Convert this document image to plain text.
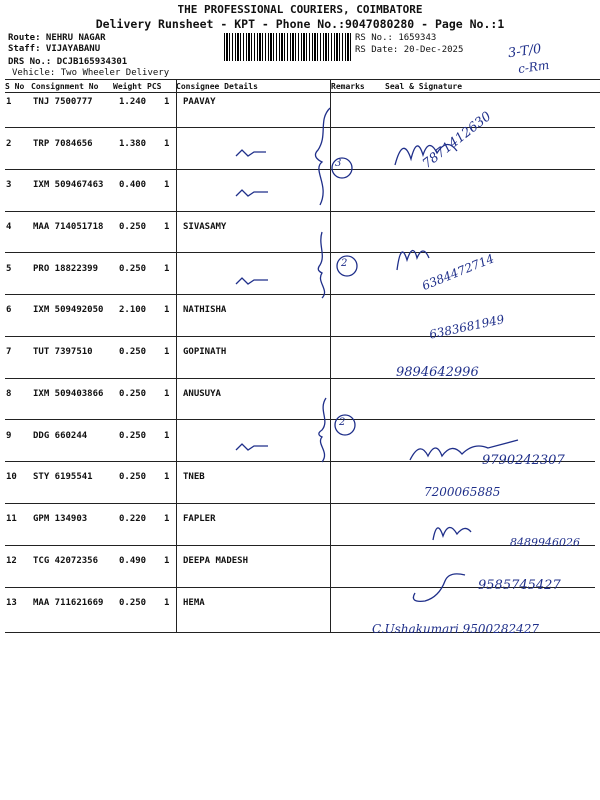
THE PROFESSIONAL COURIERS, COIMBATORE
Delivery Runsheet - KPT - Phone No.:9047080280 - Page No.:1
Route: NEHRU NAGAR
Staff: VIJAYABANU
DRS No.: DCJB165934301
Vehicle: Two Wheeler Delivery
RS No.: 1659343
RS Date: 20-Dec-2025	3-T/0
c-Rm
S No Consignment No Weight PCS Consignee Details	Remarks	Seal & Signature
1 TNJ 7500777	1.240 1 PAAVAY
2 TRP 7084656	1.380 1
3 IXM 509467463 0.400 1
4 MAA 714051718 0.250 1 SIVASAMY
5 PRO 18822399 0.250 1
6 IXM 509492050 2.100 1 NATHISHA
7 TUT 7397510	0.250 1 GOPINATH
8 IXM 509403866 0.250 1 ANUSUYA
9 DDG 660244	0.250 1
10 STY 6195541	0.250 1 TNEB
11 GPM 134903	0.220 1 FAPLER
12 TCG 42072356 0.490 1 DEEPA MADESH
13 MAA 711621669 0.250 1 HEMA
3
2
2
7871412630
6384472714
6383681949
9894642996
9790242307
7200065885
8489946026
9585745427
C.Ushakumari 9500282427
